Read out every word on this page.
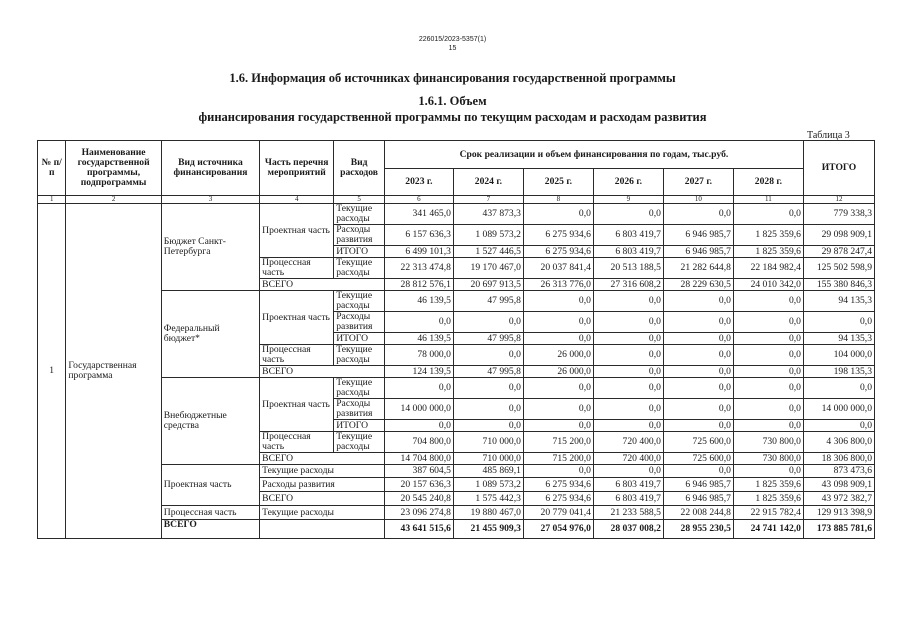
226015/2023-5357(1)
15
1.6. Информация об источниках финансирования государственной программы
1.6.1. Объем
финансирования государственной программы по текущим расходам и расходам развития
Таблица 3
№ п/п	Наименование государственной программы, подпрограммы	Вид источника финансирования	Часть перечня мероприятий	Вид расходов	Срок реализации и объем финансирования по годам, тыс.руб.						ИТОГО
					2023 г.	2024 г.	2025 г.	2026 г.	2027 г.	2028 г.	
1	2	3	4	5	6	7	8	9	10	11	12
1	Государственная программа	Бюджет Санкт-Петербурга	Проектная часть	Текущие расходы	341 465,0	437 873,3	0,0	0,0	0,0	0,0	779 338,3
				Расходы развития	6 157 636,3	1 089 573,2	6 275 934,6	6 803 419,7	6 946 985,7	1 825 359,6	29 098 909,1
				ИТОГО	6 499 101,3	1 527 446,5	6 275 934,6	6 803 419,7	6 946 985,7	1 825 359,6	29 878 247,4
			Процессная часть	Текущие расходы	22 313 474,8	19 170 467,0	20 037 841,4	20 513 188,5	21 282 644,8	22 184 982,4	125 502 598,9
			ВСЕГО		28 812 576,1	20 697 913,5	26 313 776,0	27 316 608,2	28 229 630,5	24 010 342,0	155 380 846,3
		Федеральный бюджет*	Проектная часть	Текущие расходы	46 139,5	47 995,8	0,0	0,0	0,0	0,0	94 135,3
				Расходы развития	0,0	0,0	0,0	0,0	0,0	0,0	0,0
				ИТОГО	46 139,5	47 995,8	0,0	0,0	0,0	0,0	94 135,3
			Процессная часть	Текущие расходы	78 000,0	0,0	26 000,0	0,0	0,0	0,0	104 000,0
			ВСЕГО		124 139,5	47 995,8	26 000,0	0,0	0,0	0,0	198 135,3
		Внебюджетные средства	Проектная часть	Текущие расходы	0,0	0,0	0,0	0,0	0,0	0,0	0,0
				Расходы развития	14 000 000,0	0,0	0,0	0,0	0,0	0,0	14 000 000,0
				ИТОГО	0,0	0,0	0,0	0,0	0,0	0,0	0,0
			Процессная часть	Текущие расходы	704 800,0	710 000,0	715 200,0	720 400,0	725 600,0	730 800,0	4 306 800,0
			ВСЕГО		14 704 800,0	710 000,0	715 200,0	720 400,0	725 600,0	730 800,0	18 306 800,0
		Проектная часть	Текущие расходы		387 604,5	485 869,1	0,0	0,0	0,0	0,0	873 473,6
			Расходы развития		20 157 636,3	1 089 573,2	6 275 934,6	6 803 419,7	6 946 985,7	1 825 359,6	43 098 909,1
			ВСЕГО		20 545 240,8	1 575 442,3	6 275 934,6	6 803 419,7	6 946 985,7	1 825 359,6	43 972 382,7
		Процессная часть	Текущие расходы		23 096 274,8	19 880 467,0	20 779 041,4	21 233 588,5	22 008 244,8	22 915 782,4	129 913 398,9
		ВСЕГО			43 641 515,6	21 455 909,3	27 054 976,0	28 037 008,2	28 955 230,5	24 741 142,0	173 885 781,6
